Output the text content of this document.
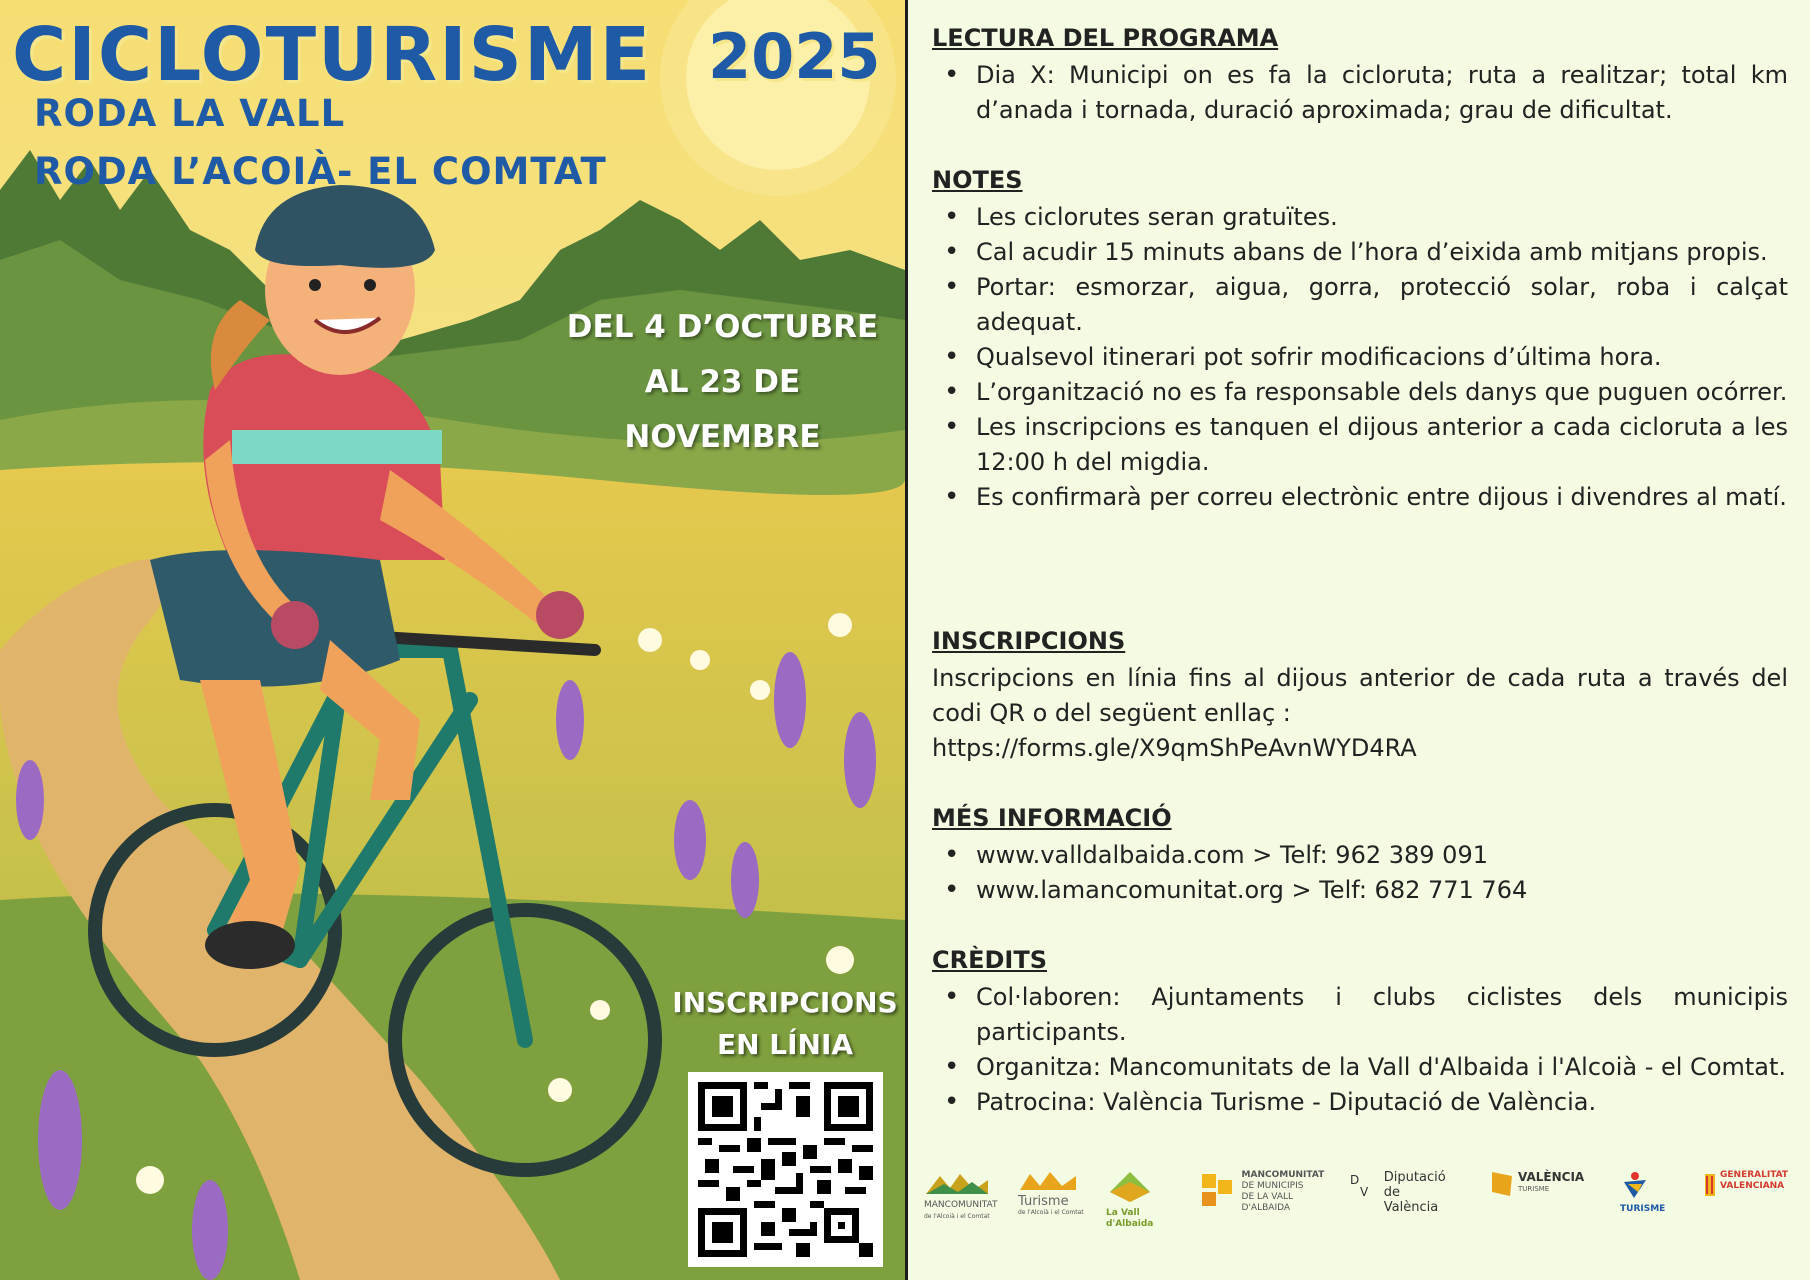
CICLOTURISME 2025
RODA LA VALL
RODA L’ACOIÀ- EL COMTAT
DEL 4 D’OCTUBRE
AL 23 DE
NOVEMBRE
INSCRIPCIONS
EN LÍNIA
LECTURA DEL PROGRAMA
• Dia X: Municipi on es fa la cicloruta; ruta a realitzar; total km d’anada i tornada, duració aproximada; grau de dificultat.
NOTES
• Les ciclorutes seran gratuïtes.
• Cal acudir 15 minuts abans de l’hora d’eixida amb mitjans propis.
• Portar: esmorzar, aigua, gorra, protecció solar, roba i calçat adequat.
• Qualsevol itinerari pot sofrir modificacions d’última hora.
• L’organització no es fa responsable dels danys que puguen ocórrer.
• Les inscripcions es tanquen el dijous anterior a cada cicloruta a les 12:00 h del migdia.
• Es confirmarà per correu electrònic entre dijous i divendres al matí.
INSCRIPCIONS
Inscripcions en línia fins al dijous anterior de cada ruta a través del codi QR o del següent enllaç :
https://forms.gle/X9qmShPeAvnWYD4RA
MÉS INFORMACIÓ
• www.valldalbaida.com > Telf: 962 389 091
• www.lamancomunitat.org > Telf: 682 771 764
CRÈDITS
• Col·laboren: Ajuntaments i clubs ciclistes dels municipis participants.
• Organitza: Mancomunitats de la Vall d'Albaida i l'Alcoià - el Comtat.
• Patrocina: València Turisme - Diputació de València.
MANCOMUNITAT
de l'Alcoià i el Comtat
Turisme
de l'Alcoià i el Comtat	La Vall
d'Albaida
MANCOMUNITAT
DE MUNICIPIS
DE LA VALL D'ALBAIDA
D
V
Diputació
de València
VALÈNCIA
TURISME
TURISME
GENERALITAT
VALENCIANA
